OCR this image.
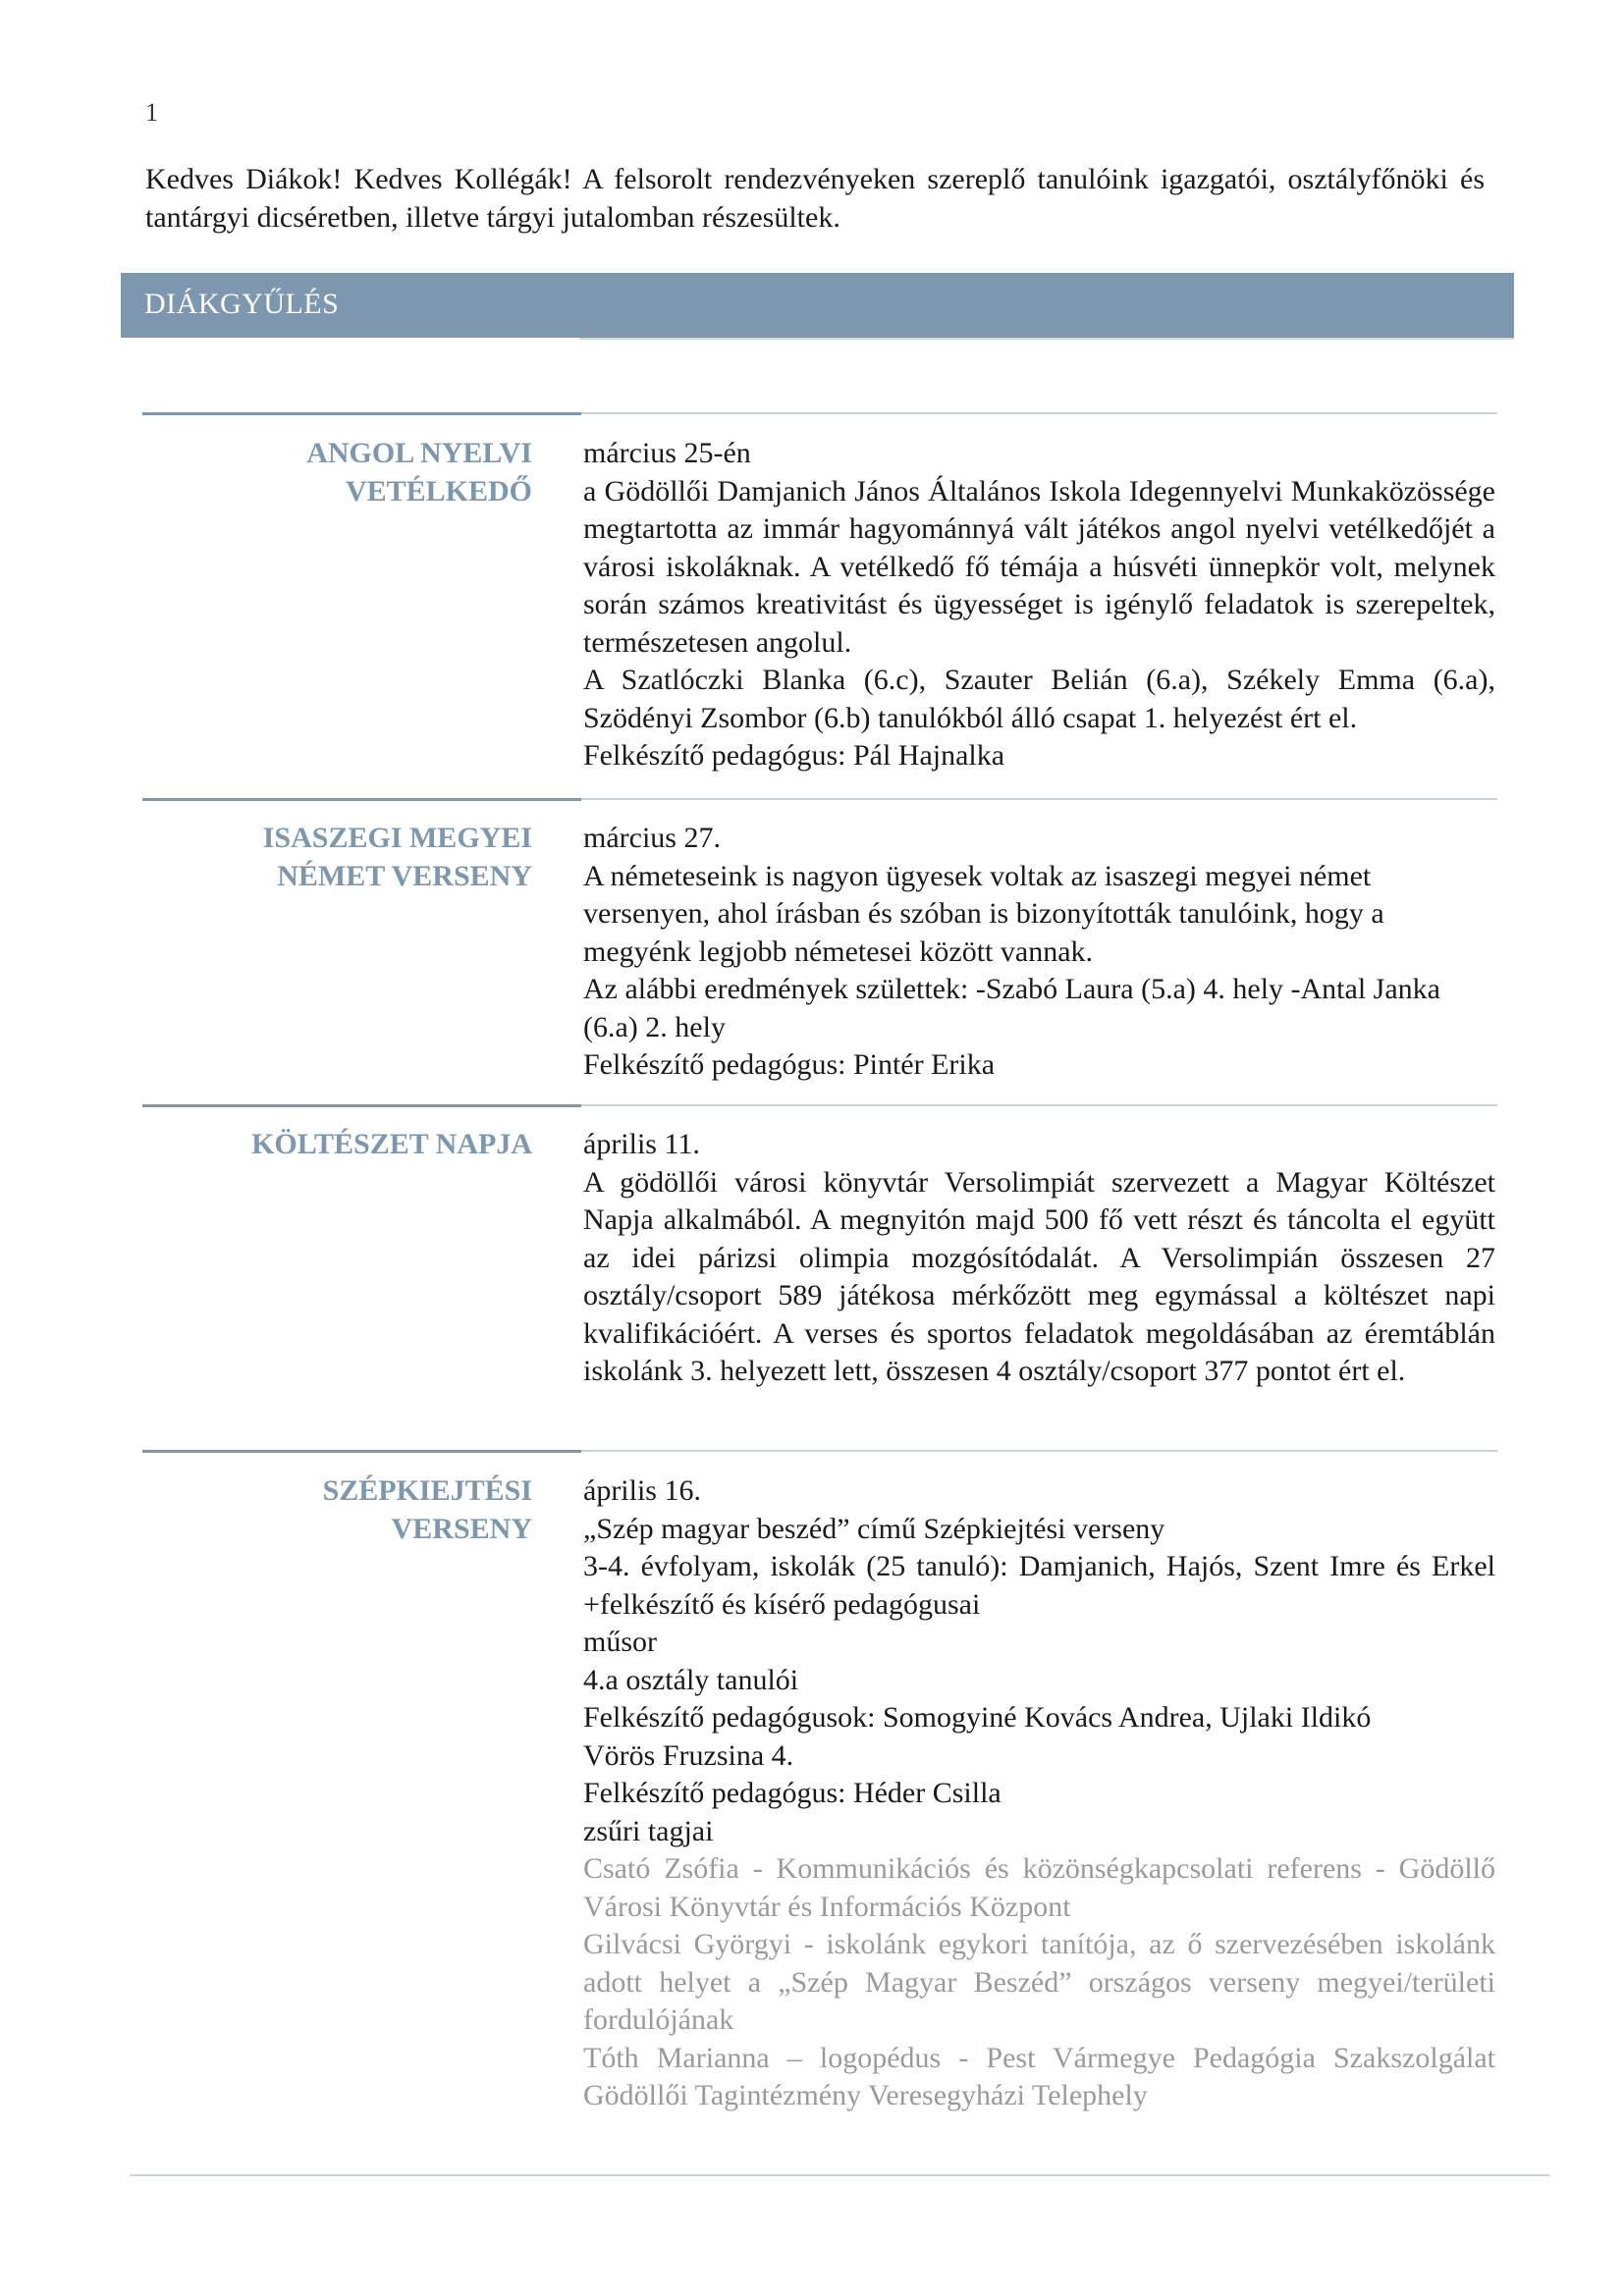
1
Kedves Diákok! Kedves Kollégák! A felsorolt rendezvényeken szereplő tanulóink igazgatói, osztályfőnöki és tantárgyi dicséretben, illetve tárgyi jutalomban részesültek.
DIÁKGYŰLÉS
ANGOL NYELVI
VETÉLKEDŐ

március 25-én

a Gödöllői Damjanich János Általános Iskola Idegennyelvi Munkaközössége megtartotta az immár hagyománnyá vált játékos angol nyelvi vetélkedőjét a városi iskoláknak. A vetélkedő fő témája a húsvéti ünnepkör volt, melynek során számos kreativitást és ügyességet is igénylő feladatok is szerepeltek, természetesen angolul.

A Szatlóczki Blanka (6.c), Szauter Belián (6.a), Székely Emma (6.a), Szödényi Zsombor (6.b) tanulókból álló csapat 1. helyezést ért el.

Felkészítő pedagógus: Pál Hajnalka

ISASZEGI MEGYEI
NÉMET VERSENY

március 27.

A németeseink is nagyon ügyesek voltak az isaszegi megyei német versenyen, ahol írásban és szóban is bizonyították tanulóink, hogy a megyénk legjobb németesei között vannak.

Az alábbi eredmények születtek: -Szabó Laura (5.a) 4. hely -Antal Janka (6.a) 2. hely

Felkészítő pedagógus: Pintér Erika

KÖLTÉSZET NAPJA április 11.

A gödöllői városi könyvtár Versolimpiát szervezett a Magyar Költészet Napja alkalmából. A megnyitón majd 500 fő vett részt és táncolta el együtt az idei párizsi olimpia mozgósítódalát. A Versolimpián összesen 27 osztály/csoport 589 játékosa mérkőzött meg egymással a költészet napi kvalifikációért. A verses és sportos feladatok megoldásában az éremtáblán iskolánk 3. helyezett lett, összesen 4 osztály/csoport 377 pontot ért el.

SZÉPKIEJTÉSI
VERSENY

április 16.

„Szép magyar beszéd” című Szépkiejtési verseny

3-4. évfolyam, iskolák (25 tanuló): Damjanich, Hajós, Szent Imre és Erkel +felkészítő és kísérő pedagógusai

műsor

4.a osztály tanulói

Felkészítő pedagógusok: Somogyiné Kovács Andrea, Ujlaki Ildikó

Vörös Fruzsina 4.

Felkészítő pedagógus: Héder Csilla

zsűri tagjai

Csató Zsófia - Kommunikációs és közönségkapcsolati referens - Gödöllő Városi Könyvtár és Információs Központ

Gilvácsi Györgyi - iskolánk egykori tanítója, az ő szervezésében iskolánk adott helyet a „Szép Magyar Beszéd” országos verseny megyei/területi fordulójának

Tóth Marianna – logopédus - Pest Vármegye Pedagógia Szakszolgálat Gödöllői Tagintézmény Veresegyházi Telephely
